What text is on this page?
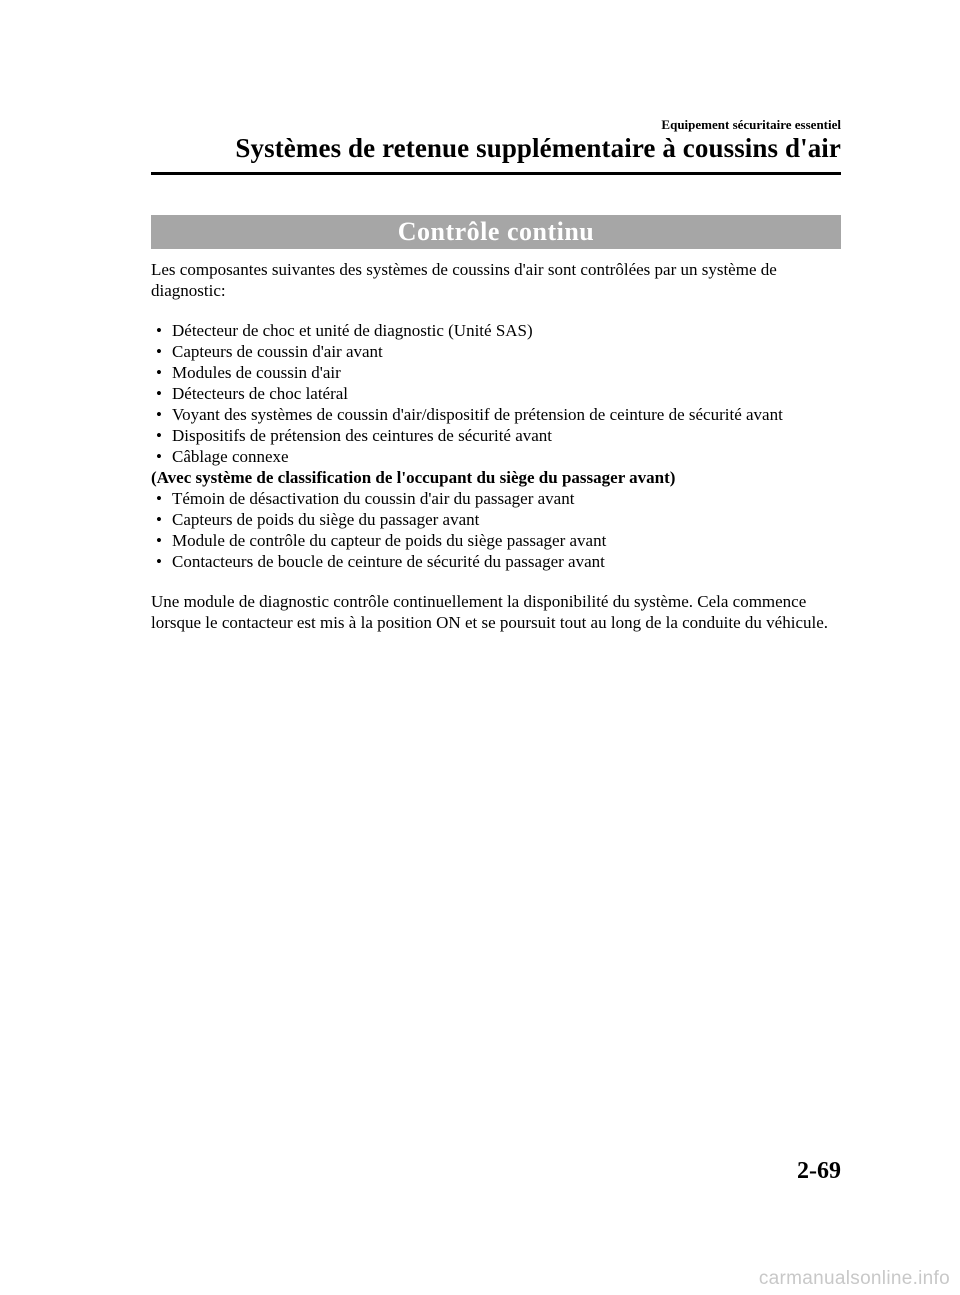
Equipement sécuritaire essentiel
Systèmes de retenue supplémentaire à coussins d'air
Contrôle continu

Les composantes suivantes des systèmes de coussins d'air sont contrôlées par un système de diagnostic:

• Détecteur de choc et unité de diagnostic (Unité SAS)
• Capteurs de coussin d'air avant
• Modules de coussin d'air
• Détecteurs de choc latéral
• Voyant des systèmes de coussin d'air/dispositif de prétension de ceinture de sécurité avant
• Dispositifs de prétension des ceintures de sécurité avant
• Câblage connexe

(Avec système de classification de l'occupant du siège du passager avant)

• Témoin de désactivation du coussin d'air du passager avant
• Capteurs de poids du siège du passager avant
• Module de contrôle du capteur de poids du siège passager avant
• Contacteurs de boucle de ceinture de sécurité du passager avant

Une module de diagnostic contrôle continuellement la disponibilité du système. Cela commence lorsque le contacteur est mis à la position ON et se poursuit tout au long de la conduite du véhicule.

2-69
carmanualsonline.info
